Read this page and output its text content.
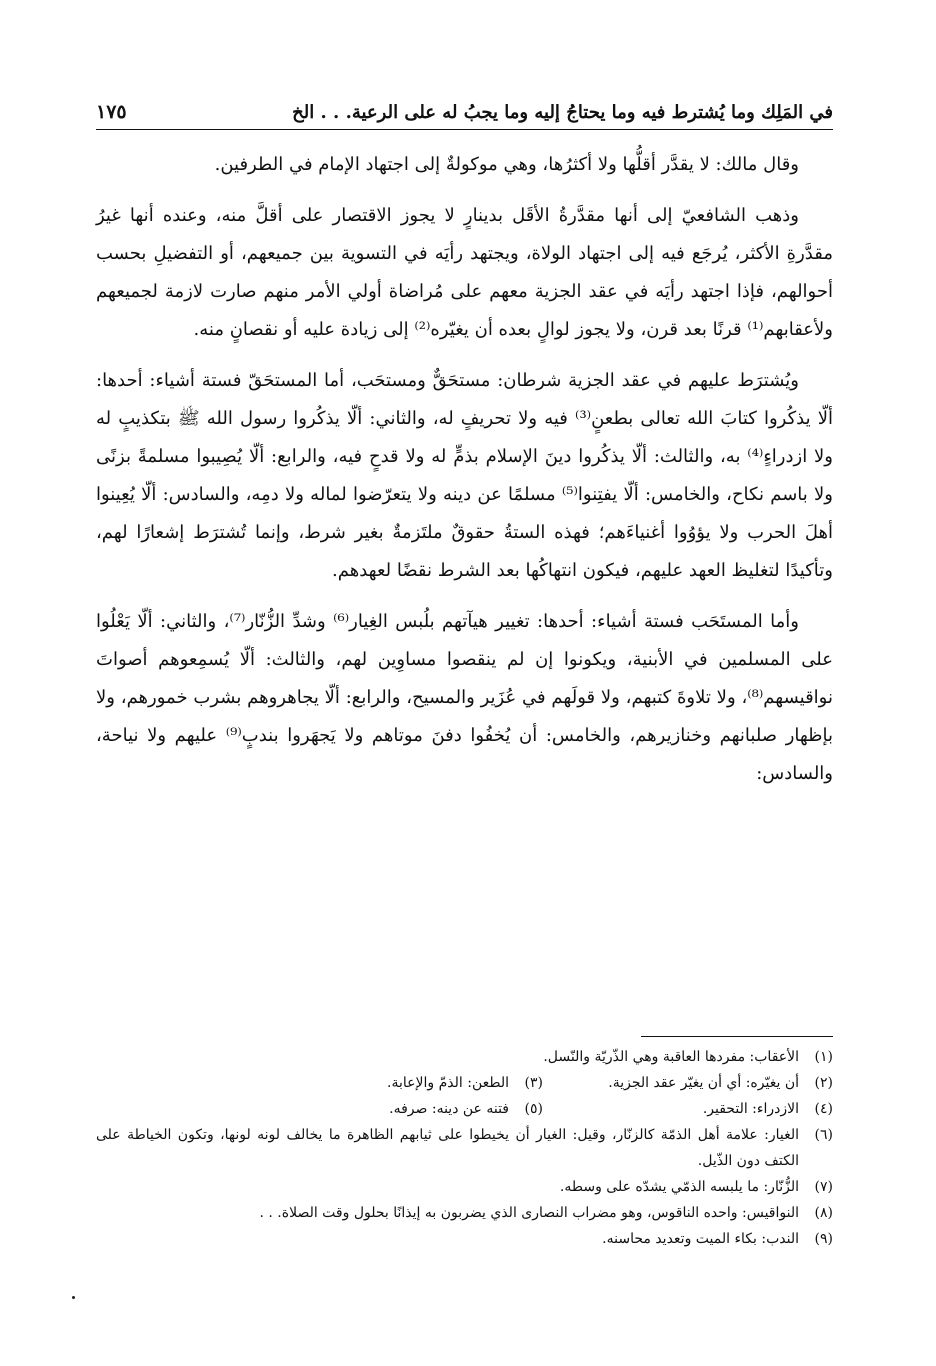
في المَلِك وما يُشترط فيه وما يحتاجُ إليه وما يجبُ له على الرعية. . . الخ
١٧٥

وقال مالك: لا يقدَّر أقلُّها ولا أكثرُها، وهي موكولةٌ إلى اجتهاد الإمام في الطرفين.

وذهب الشافعيّ إلى أنها مقدَّرةُ الأقَل بدينارٍ لا يجوز الاقتصار على أقلَّ منه، وعنده أنها غيرُ مقدَّرةِ الأكثر، يُرجَع فيه إلى اجتهاد الولاة، ويجتهد رأيَه في التسوية بين جميعهم، أو التفضيلِ بحسب أحوالهم، فإذا اجتهد رأيَه في عقد الجزية معهم على مُراضاة أولي الأمر منهم صارت لازمة لجميعهم ولأعقابهم⁽¹⁾ قرنًا بعد قرن، ولا يجوز لوالٍ بعده أن يغيّره⁽²⁾ إلى زيادة عليه أو نقصانٍ منه.

ويُشترَط عليهم في عقد الجزية شرطان: مستحَقٌّ ومستحَب، أما المستحَقّ فستة أشياء: أحدها: ألّا يذكُروا كتابَ الله تعالى بطعنٍ⁽³⁾ فيه ولا تحريفٍ له، والثاني: ألّا يذكُروا رسول الله ﷺ بتكذيبٍ له ولا ازدراءٍ⁽⁴⁾ به، والثالث: ألّا يذكُروا دينَ الإسلام بذمٍّ له ولا قدحٍ فيه، والرابع: ألّا يُصِيبوا مسلمةً بزنًى ولا باسم نكاح، والخامس: ألّا يفتِنوا⁽⁵⁾ مسلمًا عن دينه ولا يتعرّضوا لماله ولا دمِه، والسادس: ألّا يُعِينوا أهلَ الحرب ولا يؤوُوا أغنياءَهم؛ فهذه الستةُ حقوقٌ ملتَزمةٌ بغير شرط، وإنما تُشترَط إشعارًا لهم، وتأكيدًا لتغليظ العهد عليهم، فيكون انتهاكُها بعد الشرط نقضًا لعهدهم.

وأما المستَحَب فستة أشياء: أحدها: تغيير هيآتهم بلُبس الغِيار⁽⁶⁾ وشدِّ الزُّنّار⁽⁷⁾، والثاني: ألّا يَعْلُوا على المسلمين في الأبنية، ويكونوا إن لم ينقصوا مساوِين لهم، والثالث: ألّا يُسمِعوهم أصواتَ نواقيسهم⁽⁸⁾، ولا تلاوةَ كتبهم، ولا قولَهم في عُزَير والمسيح، والرابع: ألّا يجاهروهم بشرب خمورهم، ولا بإظهار صلبانهم وخنازيرهم، والخامس: أن يُخفُوا دفنَ موتاهم ولا يَجهَروا بندبٍ⁽⁹⁾ عليهم ولا نياحة، والسادس:

(١)
الأعقاب: مفردها العاقبة وهي الذّريّة والنّسل.
(٢)
أن يغيّره: أي أن يغيّر عقد الجزية.
(٣)
الطعن: الذمّ والإعابة.
(٤)
الازدراء: التحقير.
(٥)
فتنه عن دينه: صرفه.
(٦)
الغيار: علامة أهل الذمّة كالزنّار، وقيل: الغيار أن يخيطوا على ثيابهم الظاهرة ما يخالف لونه لونها، وتكون الخياطة على الكتف دون الذّيل.
(٧)
الزُّنّار: ما يلبسه الذمّي يشدّه على وسطه.
(٨)
النواقيس: واحده الناقوس، وهو مضراب النصارى الذي يضربون به إيذانًا بحلول وقت الصلاة. . .
(٩)
الندب: بكاء الميت وتعديد محاسنه.
